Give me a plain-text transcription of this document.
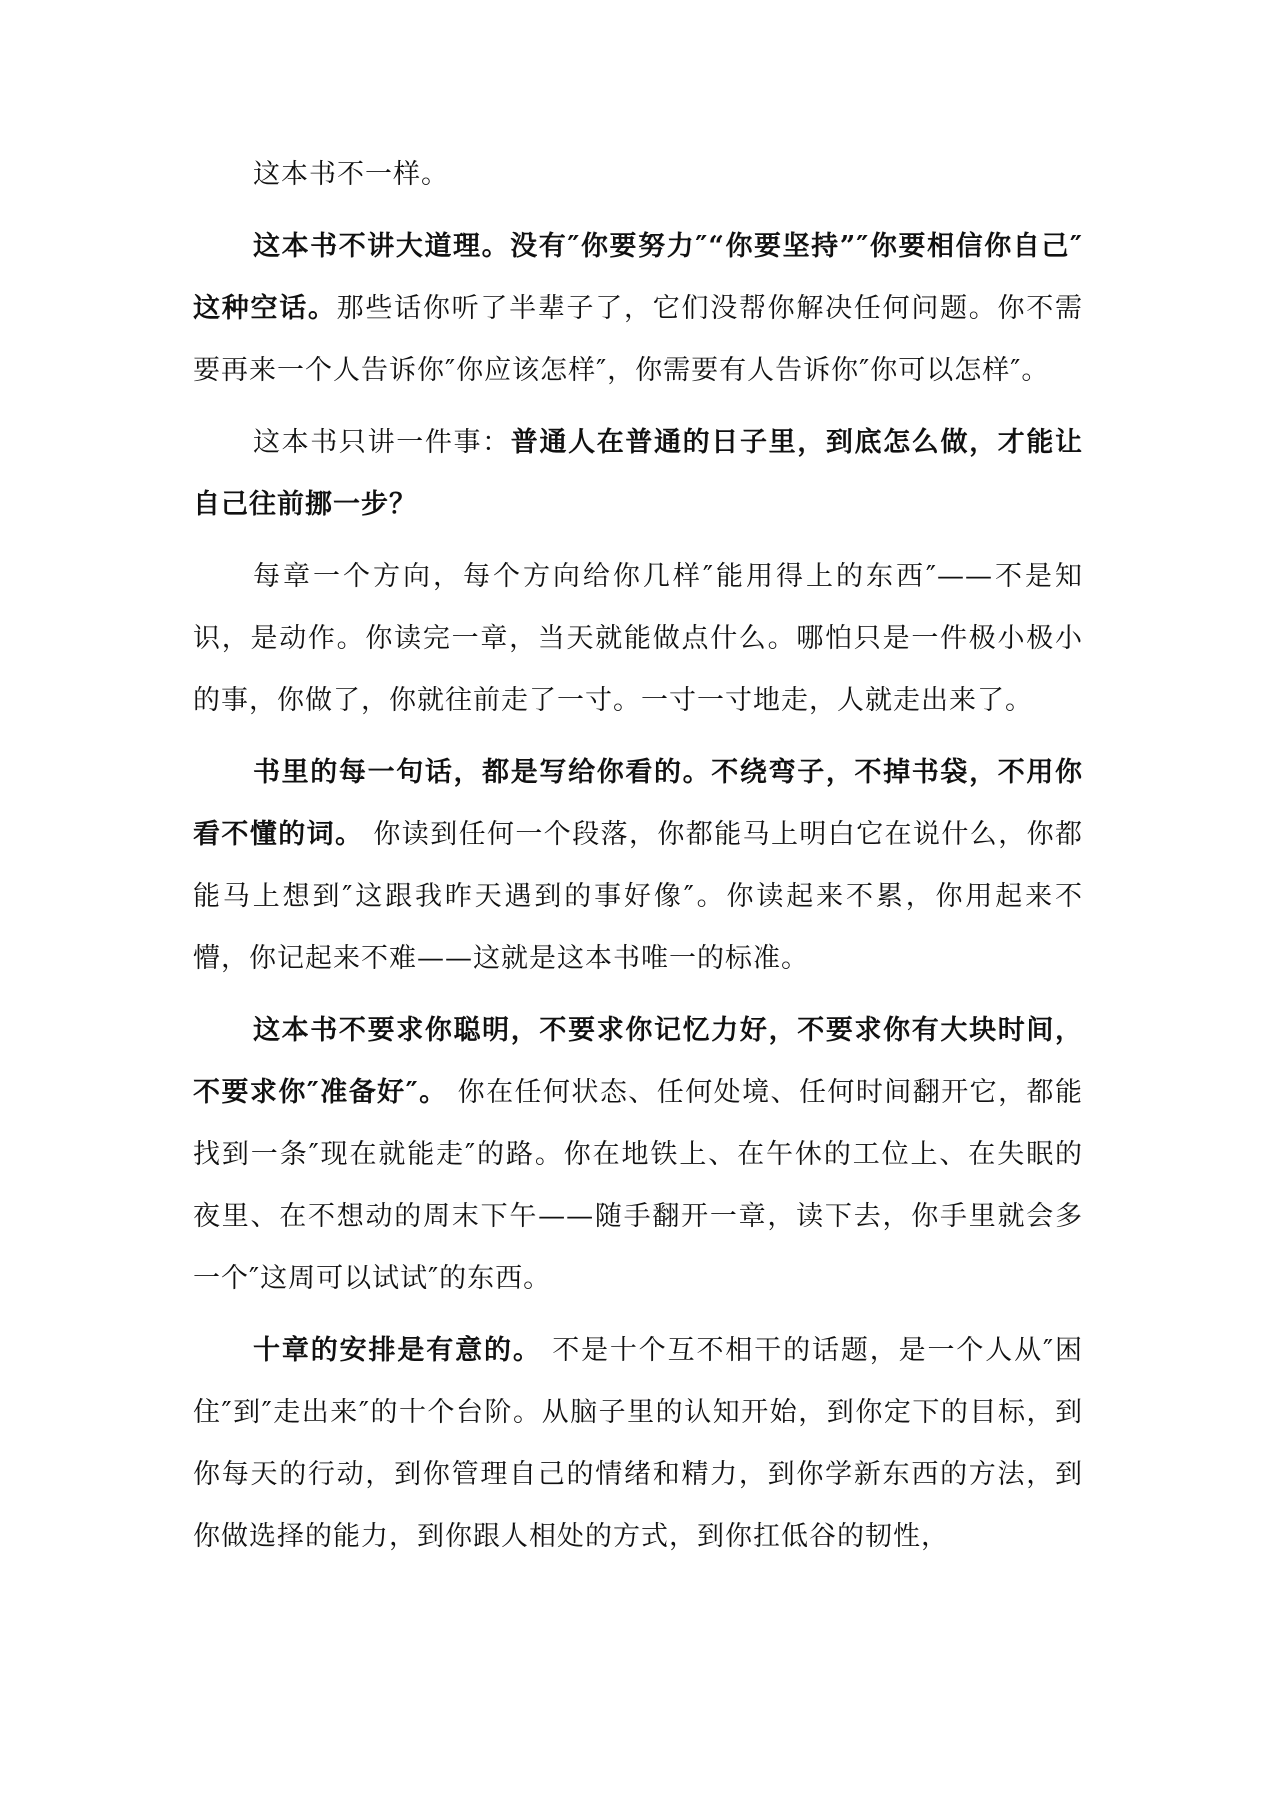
这本书不一样。

这本书不讲大道理。没有″你要努力″“你要坚持”″你要相信你自己″这种空话。那些话你听了半辈子了，它们没帮你解决任何问题。你不需要再来一个人告诉你″你应该怎样″，你需要有人告诉你″你可以怎样″。

这本书只讲一件事：普通人在普通的日子里，到底怎么做，才能让自己往前挪一步？

每章一个方向，每个方向给你几样″能用得上的东西″——不是知识，是动作。你读完一章，当天就能做点什么。哪怕只是一件极小极小的事，你做了，你就往前走了一寸。一寸一寸地走，人就走出来了。

书里的每一句话，都是写给你看的。不绕弯子，不掉书袋，不用你看不懂的词。 你读到任何一个段落，你都能马上明白它在说什么，你都能马上想到″这跟我昨天遇到的事好像″。你读起来不累，你用起来不懵，你记起来不难——这就是这本书唯一的标准。

这本书不要求你聪明，不要求你记忆力好，不要求你有大块时间，不要求你″准备好″。 你在任何状态、任何处境、任何时间翻开它，都能找到一条″现在就能走″的路。你在地铁上、在午休的工位上、在失眠的夜里、在不想动的周末下午——随手翻开一章，读下去，你手里就会多一个″这周可以试试″的东西。

十章的安排是有意的。 不是十个互不相干的话题，是一个人从″困住″到″走出来″的十个台阶。从脑子里的认知开始，到你定下的目标，到你每天的行动，到你管理自己的情绪和精力，到你学新东西的方法，到你做选择的能力，到你跟人相处的方式，到你扛低谷的韧性，
